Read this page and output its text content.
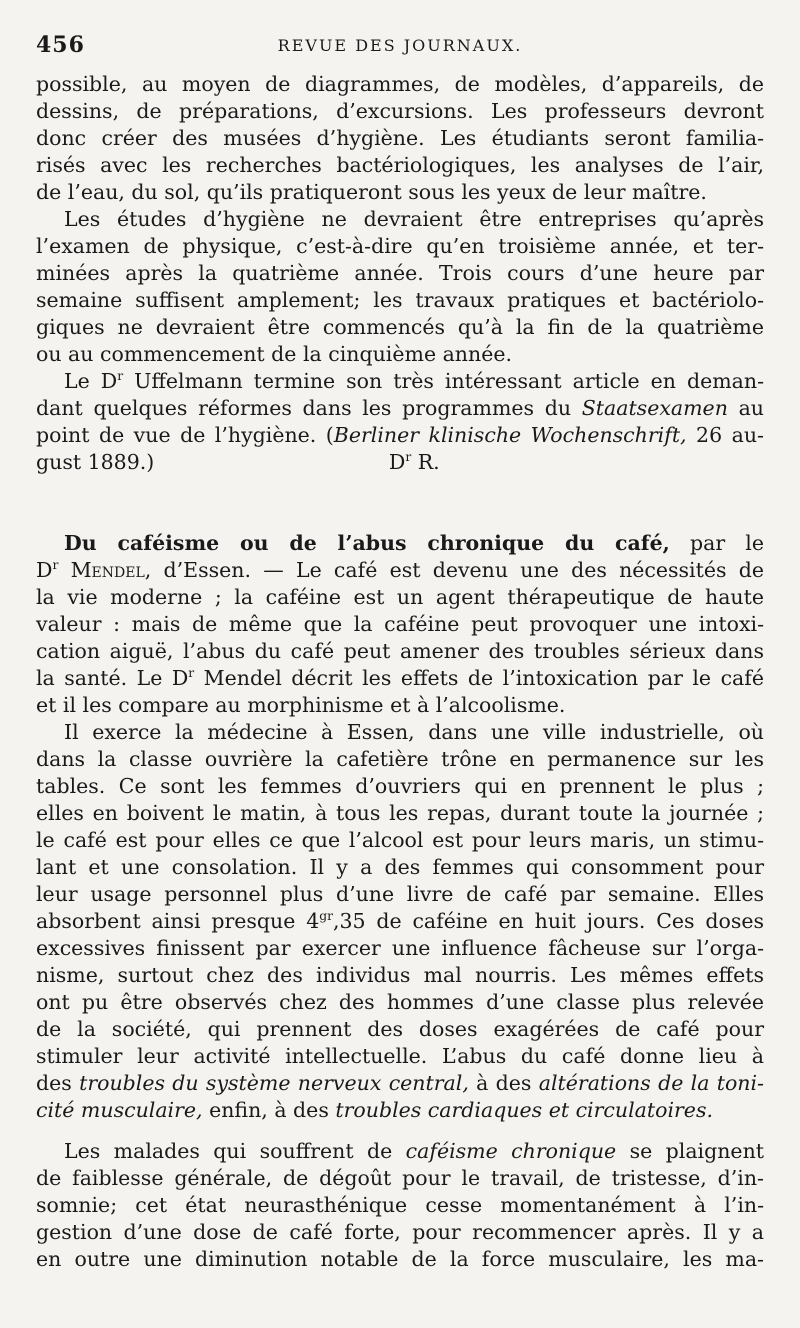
456	REVUE DES JOURNAUX.
possible, au moyen de diagrammes, de modèles, d’appareils, de
dessins, de préparations, d’excursions. Les professeurs devront
donc créer des musées d’hygiène. Les étudiants seront familia-
risés avec les recherches bactériologiques, les analyses de l’air,
de l’eau, du sol, qu’ils pratiqueront sous les yeux de leur maître.
Les études d’hygiène ne devraient être entreprises qu’après
l’examen de physique, c’est-à-dire qu’en troisième année, et ter-
minées après la quatrième année. Trois cours d’une heure par
semaine suffisent amplement; les travaux pratiques et bactériolo-
giques ne devraient être commencés qu’à la fin de la quatrième
ou au commencement de la cinquième année.
Le $D^r$ Uffelmann termine son très intéressant article en deman-
dant quelques réformes dans les programmes du Staatsexamen au
point de vue de l’hygiène. (Berliner klinische Wochenschrift, 26 au-
gust 1889.)                                    $D^r$ R.
Du caféisme ou de l’abus chronique du café, par le
$D^r$ Mendel, d’Essen. — Le café est devenu une des nécessités de
la vie moderne ; la caféine est un agent thérapeutique de haute
valeur : mais de même que la caféine peut provoquer une intoxi-
cation aiguë, l’abus du café peut amener des troubles sérieux dans
la santé. Le $D^r$ Mendel décrit les effets de l’intoxication par le café
et il les compare au morphinisme et à l’alcoolisme.
Il exerce la médecine à Essen, dans une ville industrielle, où
dans la classe ouvrière la cafetière trône en permanence sur les
tables. Ce sont les femmes d’ouvriers qui en prennent le plus ;
elles en boivent le matin, à tous les repas, durant toute la journée ;
le café est pour elles ce que l’alcool est pour leurs maris, un stimu-
lant et une consolation. Il y a des femmes qui consomment pour
leur usage personnel plus d’une livre de café par semaine. Elles
absorbent ainsi presque $4^{gr},35$ de caféine en huit jours. Ces doses
excessives finissent par exercer une influence fâcheuse sur l’orga-
nisme, surtout chez des individus mal nourris. Les mêmes effets
ont pu être observés chez des hommes d’une classe plus relevée
de la société, qui prennent des doses exagérées de café pour
stimuler leur activité intellectuelle. L’abus du café donne lieu à
des troubles du système nerveux central, à des altérations de la toni-
cité musculaire, enfin, à des troubles cardiaques et circulatoires.
Les malades qui souffrent de caféisme chronique se plaignent
de faiblesse générale, de dégoût pour le travail, de tristesse, d’in-
somnie; cet état neurasthénique cesse momentanément à l’in-
gestion d’une dose de café forte, pour recommencer après. Il y a
en outre une diminution notable de la force musculaire, les ma-
